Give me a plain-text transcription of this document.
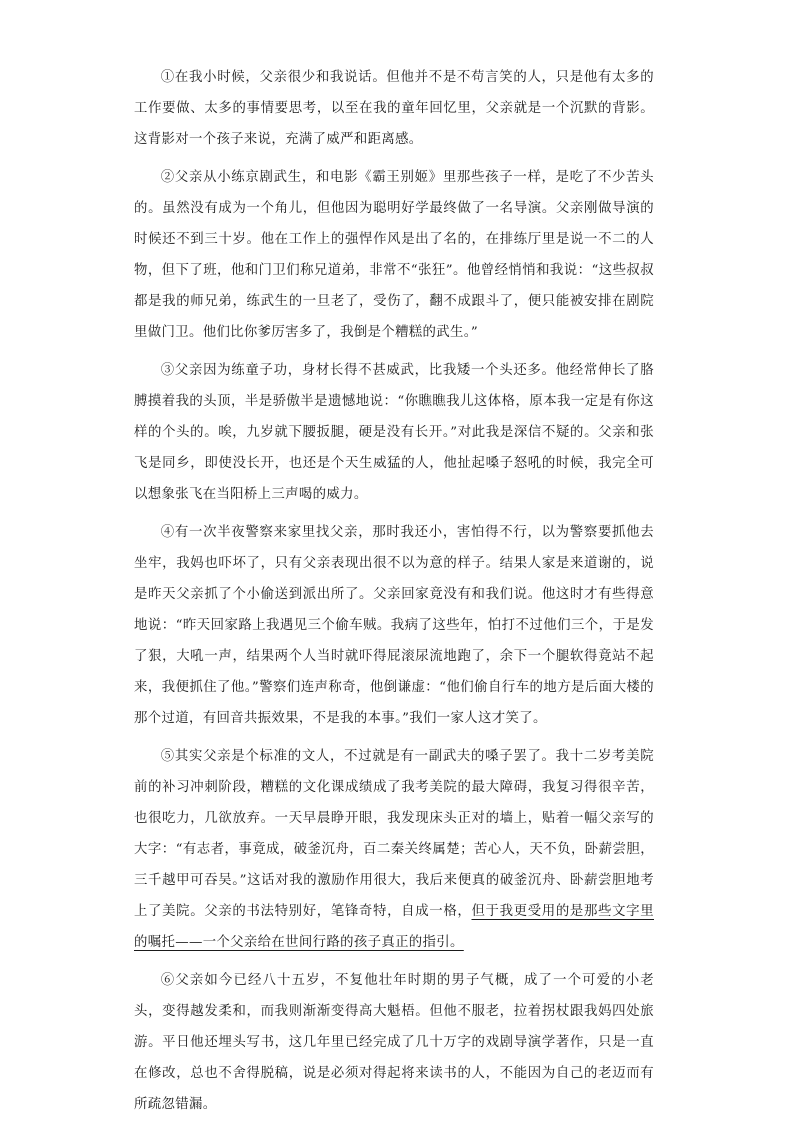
①在我小时候，父亲很少和我说话。但他并不是不苟言笑的人，只是他有太多的工作要做、太多的事情要思考，以至在我的童年回忆里，父亲就是一个沉默的背影。这背影对一个孩子来说，充满了威严和距离感。

②父亲从小练京剧武生，和电影《霸王别姬》里那些孩子一样，是吃了不少苦头的。虽然没有成为一个角儿，但他因为聪明好学最终做了一名导演。父亲刚做导演的时候还不到三十岁。他在工作上的强悍作风是出了名的，在排练厅里是说一不二的人物，但下了班，他和门卫们称兄道弟，非常不“张狂”。他曾经悄悄和我说：“这些叔叔都是我的师兄弟，练武生的一旦老了，受伤了，翻不成跟斗了，便只能被安排在剧院里做门卫。他们比你爹厉害多了，我倒是个糟糕的武生。”

③父亲因为练童子功，身材长得不甚威武，比我矮一个头还多。他经常伸长了胳膊摸着我的头顶，半是骄傲半是遗憾地说：“你瞧瞧我儿这体格，原本我一定是有你这样的个头的。唉，九岁就下腰扳腿，硬是没有长开。”对此我是深信不疑的。父亲和张飞是同乡，即使没长开，也还是个天生威猛的人，他扯起嗓子怒吼的时候，我完全可以想象张飞在当阳桥上三声喝的威力。

④有一次半夜警察来家里找父亲，那时我还小，害怕得不行，以为警察要抓他去坐牢，我妈也吓坏了，只有父亲表现出很不以为意的样子。结果人家是来道谢的，说是昨天父亲抓了个小偷送到派出所了。父亲回家竟没有和我们说。他这时才有些得意地说：“昨天回家路上我遇见三个偷车贼。我病了这些年，怕打不过他们三个，于是发了狠，大吼一声，结果两个人当时就吓得屁滚尿流地跑了，余下一个腿软得竟站不起来，我便抓住了他。”警察们连声称奇，他倒谦虚：“他们偷自行车的地方是后面大楼的那个过道，有回音共振效果，不是我的本事。”我们一家人这才笑了。

⑤其实父亲是个标准的文人，不过就是有一副武夫的嗓子罢了。我十二岁考美院前的补习冲刺阶段，糟糕的文化课成绩成了我考美院的最大障碍，我复习得很辛苦，也很吃力，几欲放弃。一天早晨睁开眼，我发现床头正对的墙上，贴着一幅父亲写的大字：“有志者，事竟成，破釜沉舟，百二秦关终属楚；苦心人，天不负，卧薪尝胆，三千越甲可吞吴。”这话对我的激励作用很大，我后来便真的破釜沉舟、卧薪尝胆地考上了美院。父亲的书法特别好，笔锋奇特，自成一格，但于我更受用的是那些文字里的嘱托——一个父亲给在世间行路的孩子真正的指引。

⑥父亲如今已经八十五岁，不复他壮年时期的男子气概，成了一个可爱的小老头，变得越发柔和，而我则渐渐变得高大魁梧。但他不服老，拉着拐杖跟我妈四处旅游。平日他还埋头写书，这几年里已经完成了几十万字的戏剧导演学著作，只是一直在修改，总也不舍得脱稿，说是必须对得起将来读书的人，不能因为自己的老迈而有所疏忽错漏。
